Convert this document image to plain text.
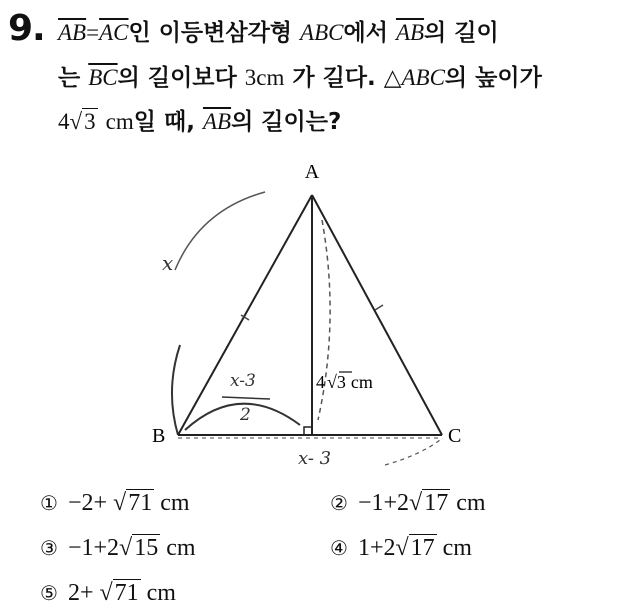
9. $\overline{AB}=\overline{AC}$인 이등변삼각형 ABC에서 $\overline{AB}$의 길이
는 $\overline{BC}$의 길이보다 3cm 가 길다. △ABC의 높이가
4√3 cm일 때, $\overline{AB}$의 길이는?
A
B	C
4 √3 cm
x
x-3
2
x- 3
① −2+ √71 cm	② −1+2√17 cm
③ −1+2√15 cm	④ 1+2√17 cm
⑤ 2+ √71 cm
